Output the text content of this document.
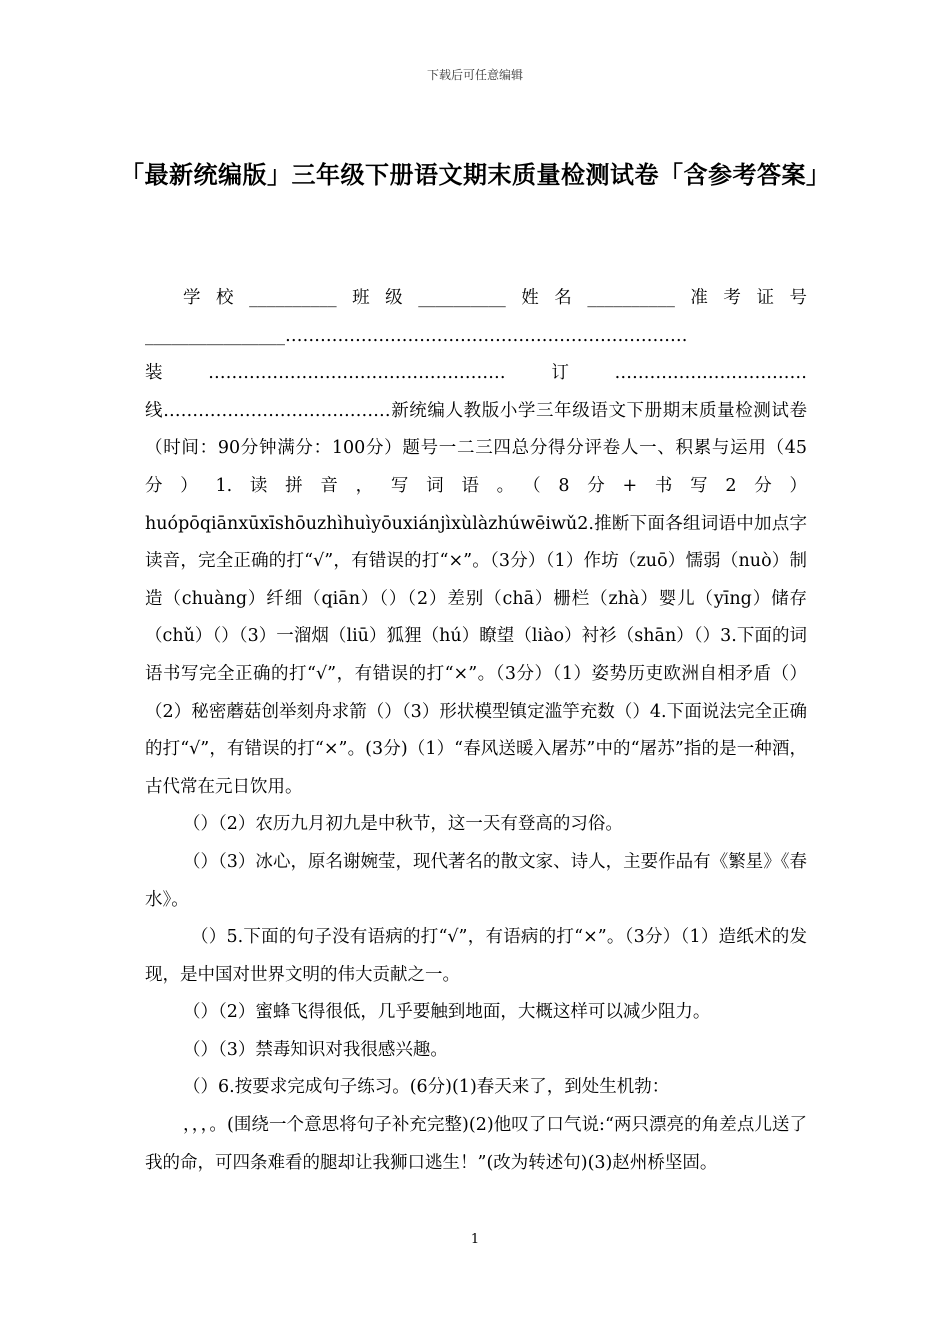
下载后可任意编辑
「最新统编版」三年级下册语文期末质量检测试卷「含参考答案」

学校__________班级__________姓名__________准考证号________________……………………………………………………………装……………………………………………订……………………………线…………………………………新统编人教版小学三年级语文下册期末质量检测试卷（时间：90分钟满分：100分）题号一二三四总分得分评卷人一、积累与运用（45分）1.读拼音，写词语。（8分+书写2分）huópōqiānxūxīshōuzhìhuìyōuxiánjìxùlàzhúwēiwǔ2.推断下面各组词语中加点字读音，完全正确的打“√”，有错误的打“×”。（3分）（1）作坊（zuō）懦弱（nuò）制造（chuàng）纤细（qiān）（）（2）差别（chā）栅栏（zhà）婴儿（yīng）储存（chǔ）（）（3）一溜烟（liū）狐狸（hú）瞭望（liào）衬衫（shān）（）3.下面的词语书写完全正确的打“√”，有错误的打“×”。（3分）（1）姿势历吏欧洲自相矛盾（）（2）秘密蘑菇创举刻舟求箭（）（3）形状模型镇定滥竽充数（）4.下面说法完全正确的打“√”，有错误的打“×”。(3分)（1）“春风送暖入屠苏”中的“屠苏”指的是一种酒，古代常在元日饮用。

（）（2）农历九月初九是中秋节，这一天有登高的习俗。

（）（3）冰心，原名谢婉莹，现代著名的散文家、诗人，主要作品有《繁星》《春水》。

（）5.下面的句子没有语病的打“√”，有语病的打“×”。（3分）（1）造纸术的发现，是中国对世界文明的伟大贡献之一。

（）（2）蜜蜂飞得很低，几乎要触到地面，大概这样可以减少阻力。

（）（3）禁毒知识对我很感兴趣。

（）6.按要求完成句子练习。(6分)(1)春天来了，到处生机勃：

，，，。(围绕一个意思将句子补充完整)(2)他叹了口气说:“两只漂亮的角差点儿送了我的命，可四条难看的腿却让我狮口逃生！”(改为转述句)(3)赵州桥坚固。

1
